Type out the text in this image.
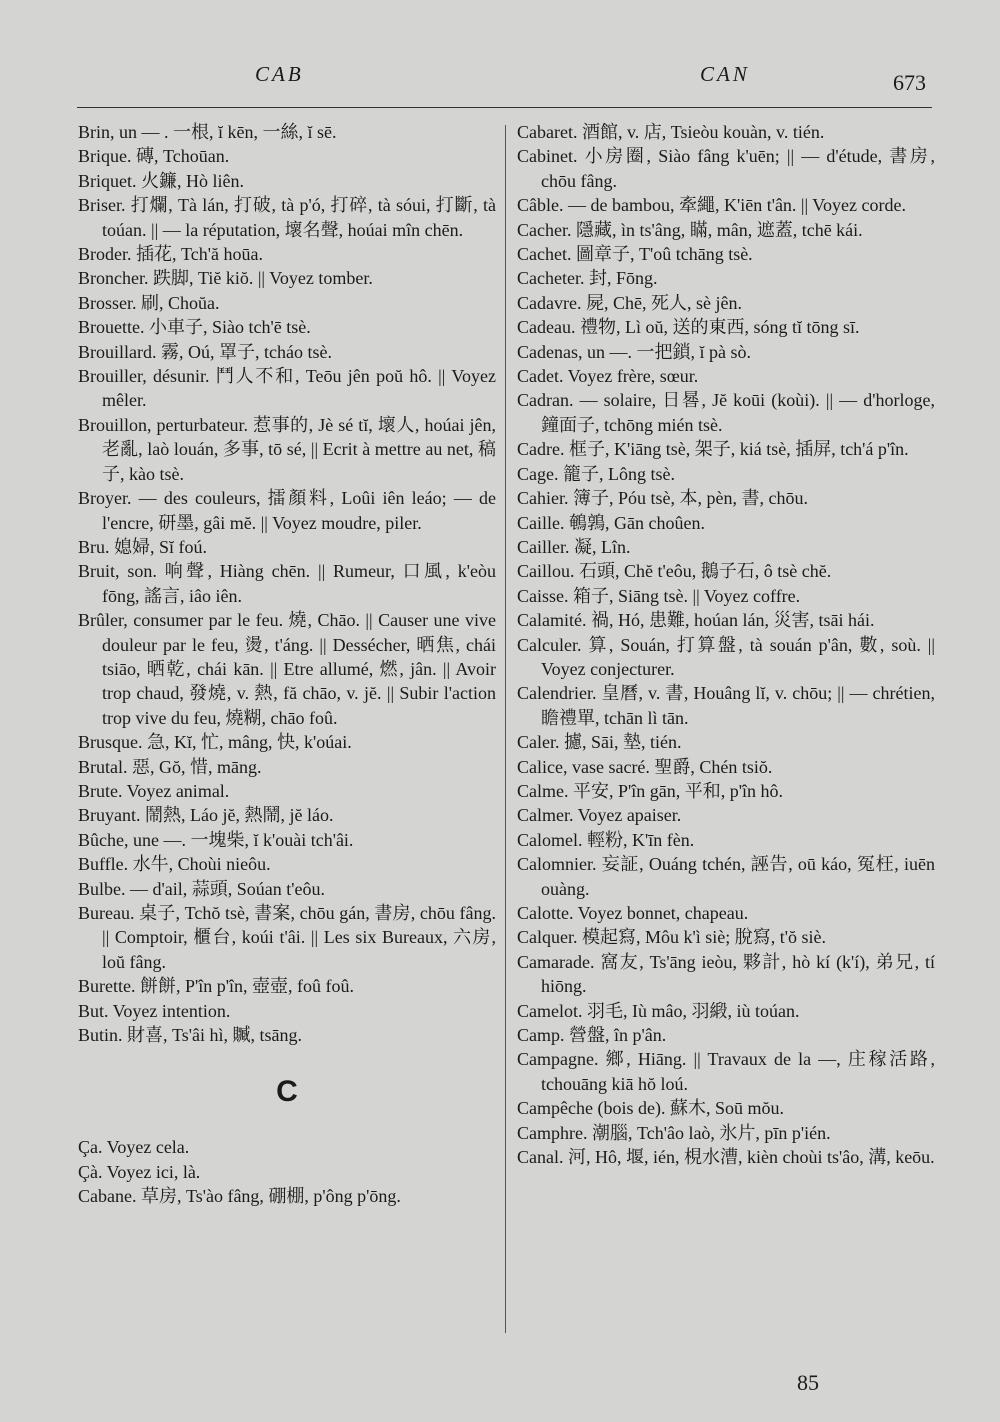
CAB	CAN	673
Brin, un — . 一根, ĭ kēn, 一絲, ĭ sē.
Brique. 磚, Tchoūan.
Briquet. 火鐮, Hò liên.
Briser. 打爛, Tà lán, 打破, tà p'ó, 打碎, tà sóui, 打斷, tà toúan. || — la réputation, 壞名聲, hoúai mîn chēn.
Broder. 插花, Tch'ă hoūa.
Broncher. 跌脚, Tiĕ kiŏ. || Voyez tomber.
Brosser. 刷, Choŭa.
Brouette. 小車子, Siào tch'ē tsè.
Brouillard. 霧, Oú, 罩子, tcháo tsè.
Brouiller, désunir. 鬥人不和, Teōu jên poŭ hô. || Voyez mêler.
Brouillon, perturbateur. 惹事的, Jè sé tĭ, 壞人, hoúai jên, 老亂, laò louán, 多事, tō sé, || Ecrit à mettre au net, 稿子, kào tsè.
Broyer. — des couleurs, 擂顏料, Loûi iên leáo; — de l'encre, 研墨, gâi mĕ. || Voyez moudre, piler.
Bru. 媳婦, Sĭ foú.
Bruit, son. 响聲, Hiàng chēn. || Rumeur, 口風, k'eòu fōng, 謠言, iâo iên.
Brûler, consumer par le feu. 燒, Chāo. || Causer une vive douleur par le feu, 燙, t'áng. || Dessécher, 晒焦, chái tsiāo, 晒乾, chái kān. || Etre allumé, 燃, jân. || Avoir trop chaud, 發燒, v. 熱, fă chāo, v. jĕ. || Subir l'action trop vive du feu, 燒糊, chāo foû.
Brusque. 急, Kĭ, 忙, mâng, 快, k'oúai.
Brutal. 惡, Gŏ, 惜, māng.
Brute. Voyez animal.
Bruyant. 鬧熱, Láo jĕ, 熱鬧, jĕ láo.
Bûche, une —. 一塊柴, ĭ k'ouài tch'âi.
Buffle. 水牛, Choùi nieôu.
Bulbe. — d'ail, 蒜頭, Soúan t'eôu.
Bureau. 桌子, Tchŏ tsè, 書案, chōu gán, 書房, chōu fâng. || Comptoir, 櫃台, koúi t'âi. || Les six Bureaux, 六房, loŭ fâng.
Burette. 餅餅, P'în p'în, 壺壺, foû foû.
But. Voyez intention.
Butin. 財喜, Ts'âi hì, 贓, tsāng.
C
Ça. Voyez cela.
Çà. Voyez ici, là.
Cabane. 草房, Ts'ào fâng, 硼棚, p'ông p'ōng.
Cabaret. 酒館, v. 店, Tsieòu kouàn, v. tién.
Cabinet. 小房圈, Siào fâng k'uēn; || — d'étude, 書房, chōu fâng.
Câble. — de bambou, 牽繩, K'iēn t'ân. || Voyez corde.
Cacher. 隱藏, ìn ts'âng, 瞞, mân, 遮蓋, tchē kái.
Cachet. 圖章子, T'oû tchāng tsè.
Cacheter. 封, Fōng.
Cadavre. 屍, Chē, 死人, sè jên.
Cadeau. 禮物, Lì oŭ, 送的東西, sóng tĭ tōng sī.
Cadenas, un —. 一把鎖, ĭ pà sò.
Cadet. Voyez frère, sœur.
Cadran. — solaire, 日晷, Jĕ koūi (koùi). || — d'horloge, 鐘面子, tchōng mién tsè.
Cadre. 框子, K'iāng tsè, 架子, kiá tsè, 插屏, tch'á p'în.
Cage. 籠子, Lông tsè.
Cahier. 簿子, Póu tsè, 本, pèn, 書, chōu.
Caille. 鵪鶉, Gān choûen.
Cailler. 凝, Lîn.
Caillou. 石頭, Chĕ t'eôu, 鵝子石, ô tsè chĕ.
Caisse. 箱子, Siāng tsè. || Voyez coffre.
Calamité. 禍, Hó, 患難, hoúan lán, 災害, tsāi hái.
Calculer. 算, Souán, 打算盤, tà souán p'ân, 數, soù. || Voyez conjecturer.
Calendrier. 皇曆, v. 書, Houâng lĭ, v. chōu; || — chrétien, 瞻禮單, tchān lì tān.
Caler. 攄, Sāi, 墊, tién.
Calice, vase sacré. 聖爵, Chén tsiŏ.
Calme. 平安, P'în gān, 平和, p'în hô.
Calmer. Voyez apaiser.
Calomel. 輕粉, K'īn fèn.
Calomnier. 妄証, Ouáng tchén, 誣告, oū káo, 冤枉, iuēn ouàng.
Calotte. Voyez bonnet, chapeau.
Calquer. 模起寫, Môu k'ì siè; 脫寫, t'ŏ siè.
Camarade. 窩友, Ts'āng ieòu, 夥計, hò kí (k'í), 弟兄, tí hiōng.
Camelot. 羽毛, Iù mâo, 羽緞, iù toúan.
Camp. 營盤, în p'ân.
Campagne. 鄉, Hiāng. || Travaux de la —, 庄稼活路, tchouāng kiā hŏ loú.
Campêche (bois de). 蘇木, Soū mŏu.
Camphre. 潮腦, Tch'âo laò, 氷片, pīn p'ién.
Canal. 河, Hô, 堰, ién, 梘水漕, kièn choùi ts'âo, 溝, keōu.
85
